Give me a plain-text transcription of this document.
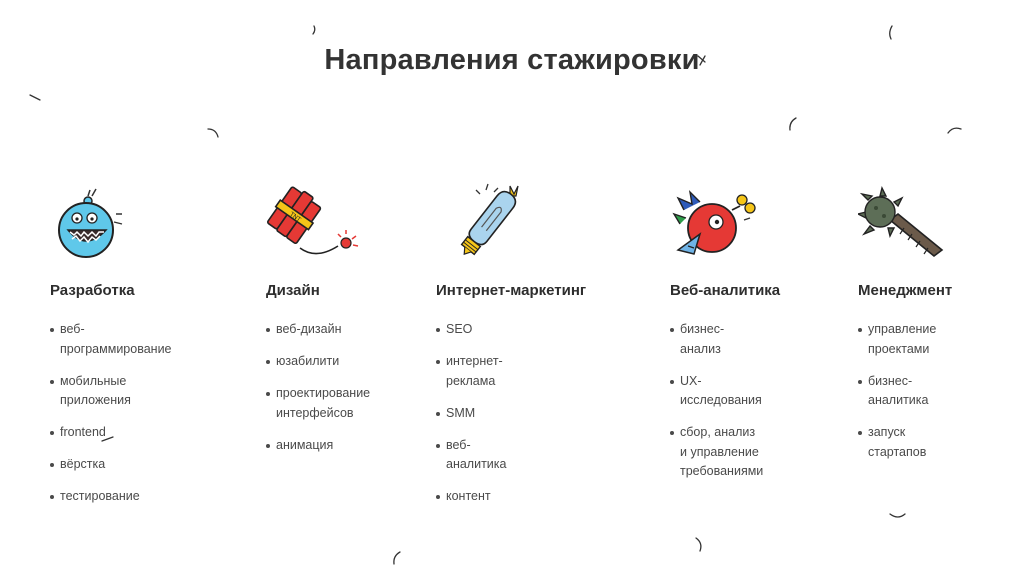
Направления стажировки
Разработка
веб-программирование
мобильные
приложения
frontend
вёрстка
тестирование
TNT
Дизайн
веб-дизайн
юзабилити
проектирование
интерфейсов
анимация
Интернет-маркетинг
SEO
интернет-реклама
SMM
веб-аналитика
контент
Веб-аналитика
бизнес-анализ
UX-исследования
сбор, анализ
и управление
требованиями
Менеджмент
управление
проектами
бизнес-аналитика
запуск стартапов
